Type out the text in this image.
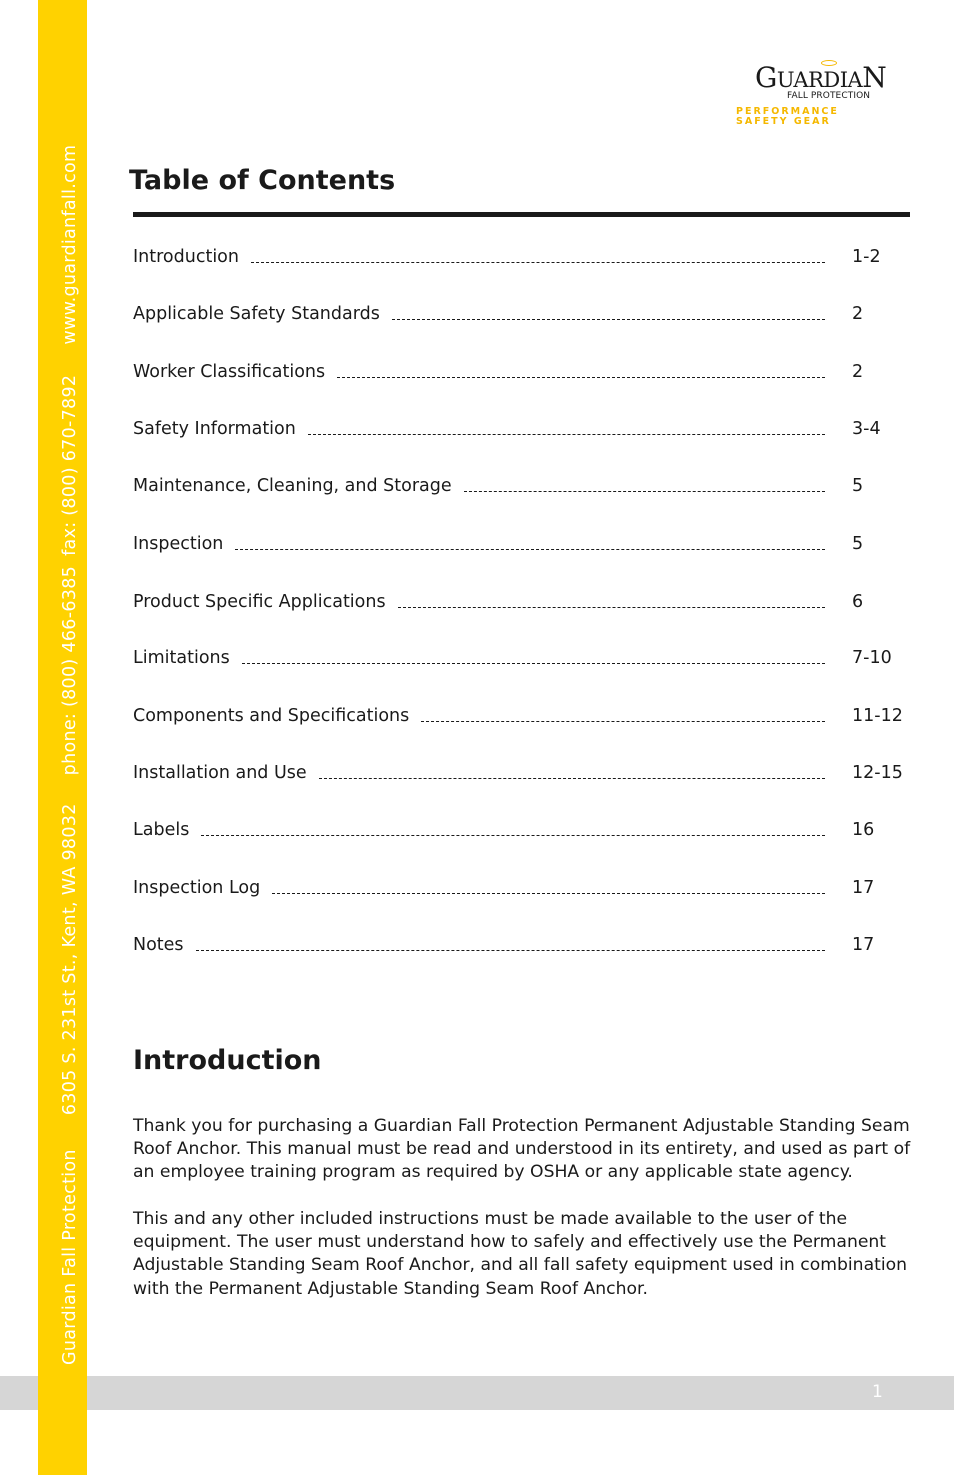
Guardian Fall Protection6305 S. 231st St., Kent, WA 98032phone: (800) 466-6385fax: (800) 670-7892www.guardianfall.com
GUARDIAN
FALL PROTECTION
PERFORMANCE SAFETY GEAR
Table of Contents
Introduction	1-2
Applicable Safety Standards	2
Worker Classifications	2
Safety Information	3-4
Maintenance, Cleaning, and Storage	5
Inspection	5
Product Specific Applications	6
Limitations	7-10
Components and Specifications	11-12
Installation and Use	12-15
Labels	16
Inspection Log	17
Notes	17
Introduction

Thank you for purchasing a Guardian Fall Protection Permanent Adjustable Standing Seam Roof Anchor. This manual must be read and understood in its entirety, and used as part of an employee training program as required by OSHA or any applicable state agency.

This and any other included instructions must be made available to the user of the equipment. The user must understand how to safely and effectively use the Permanent Adjustable Standing Seam Roof Anchor, and all fall safety equipment used in combination with the Permanent Adjustable Standing Seam Roof Anchor.

1
